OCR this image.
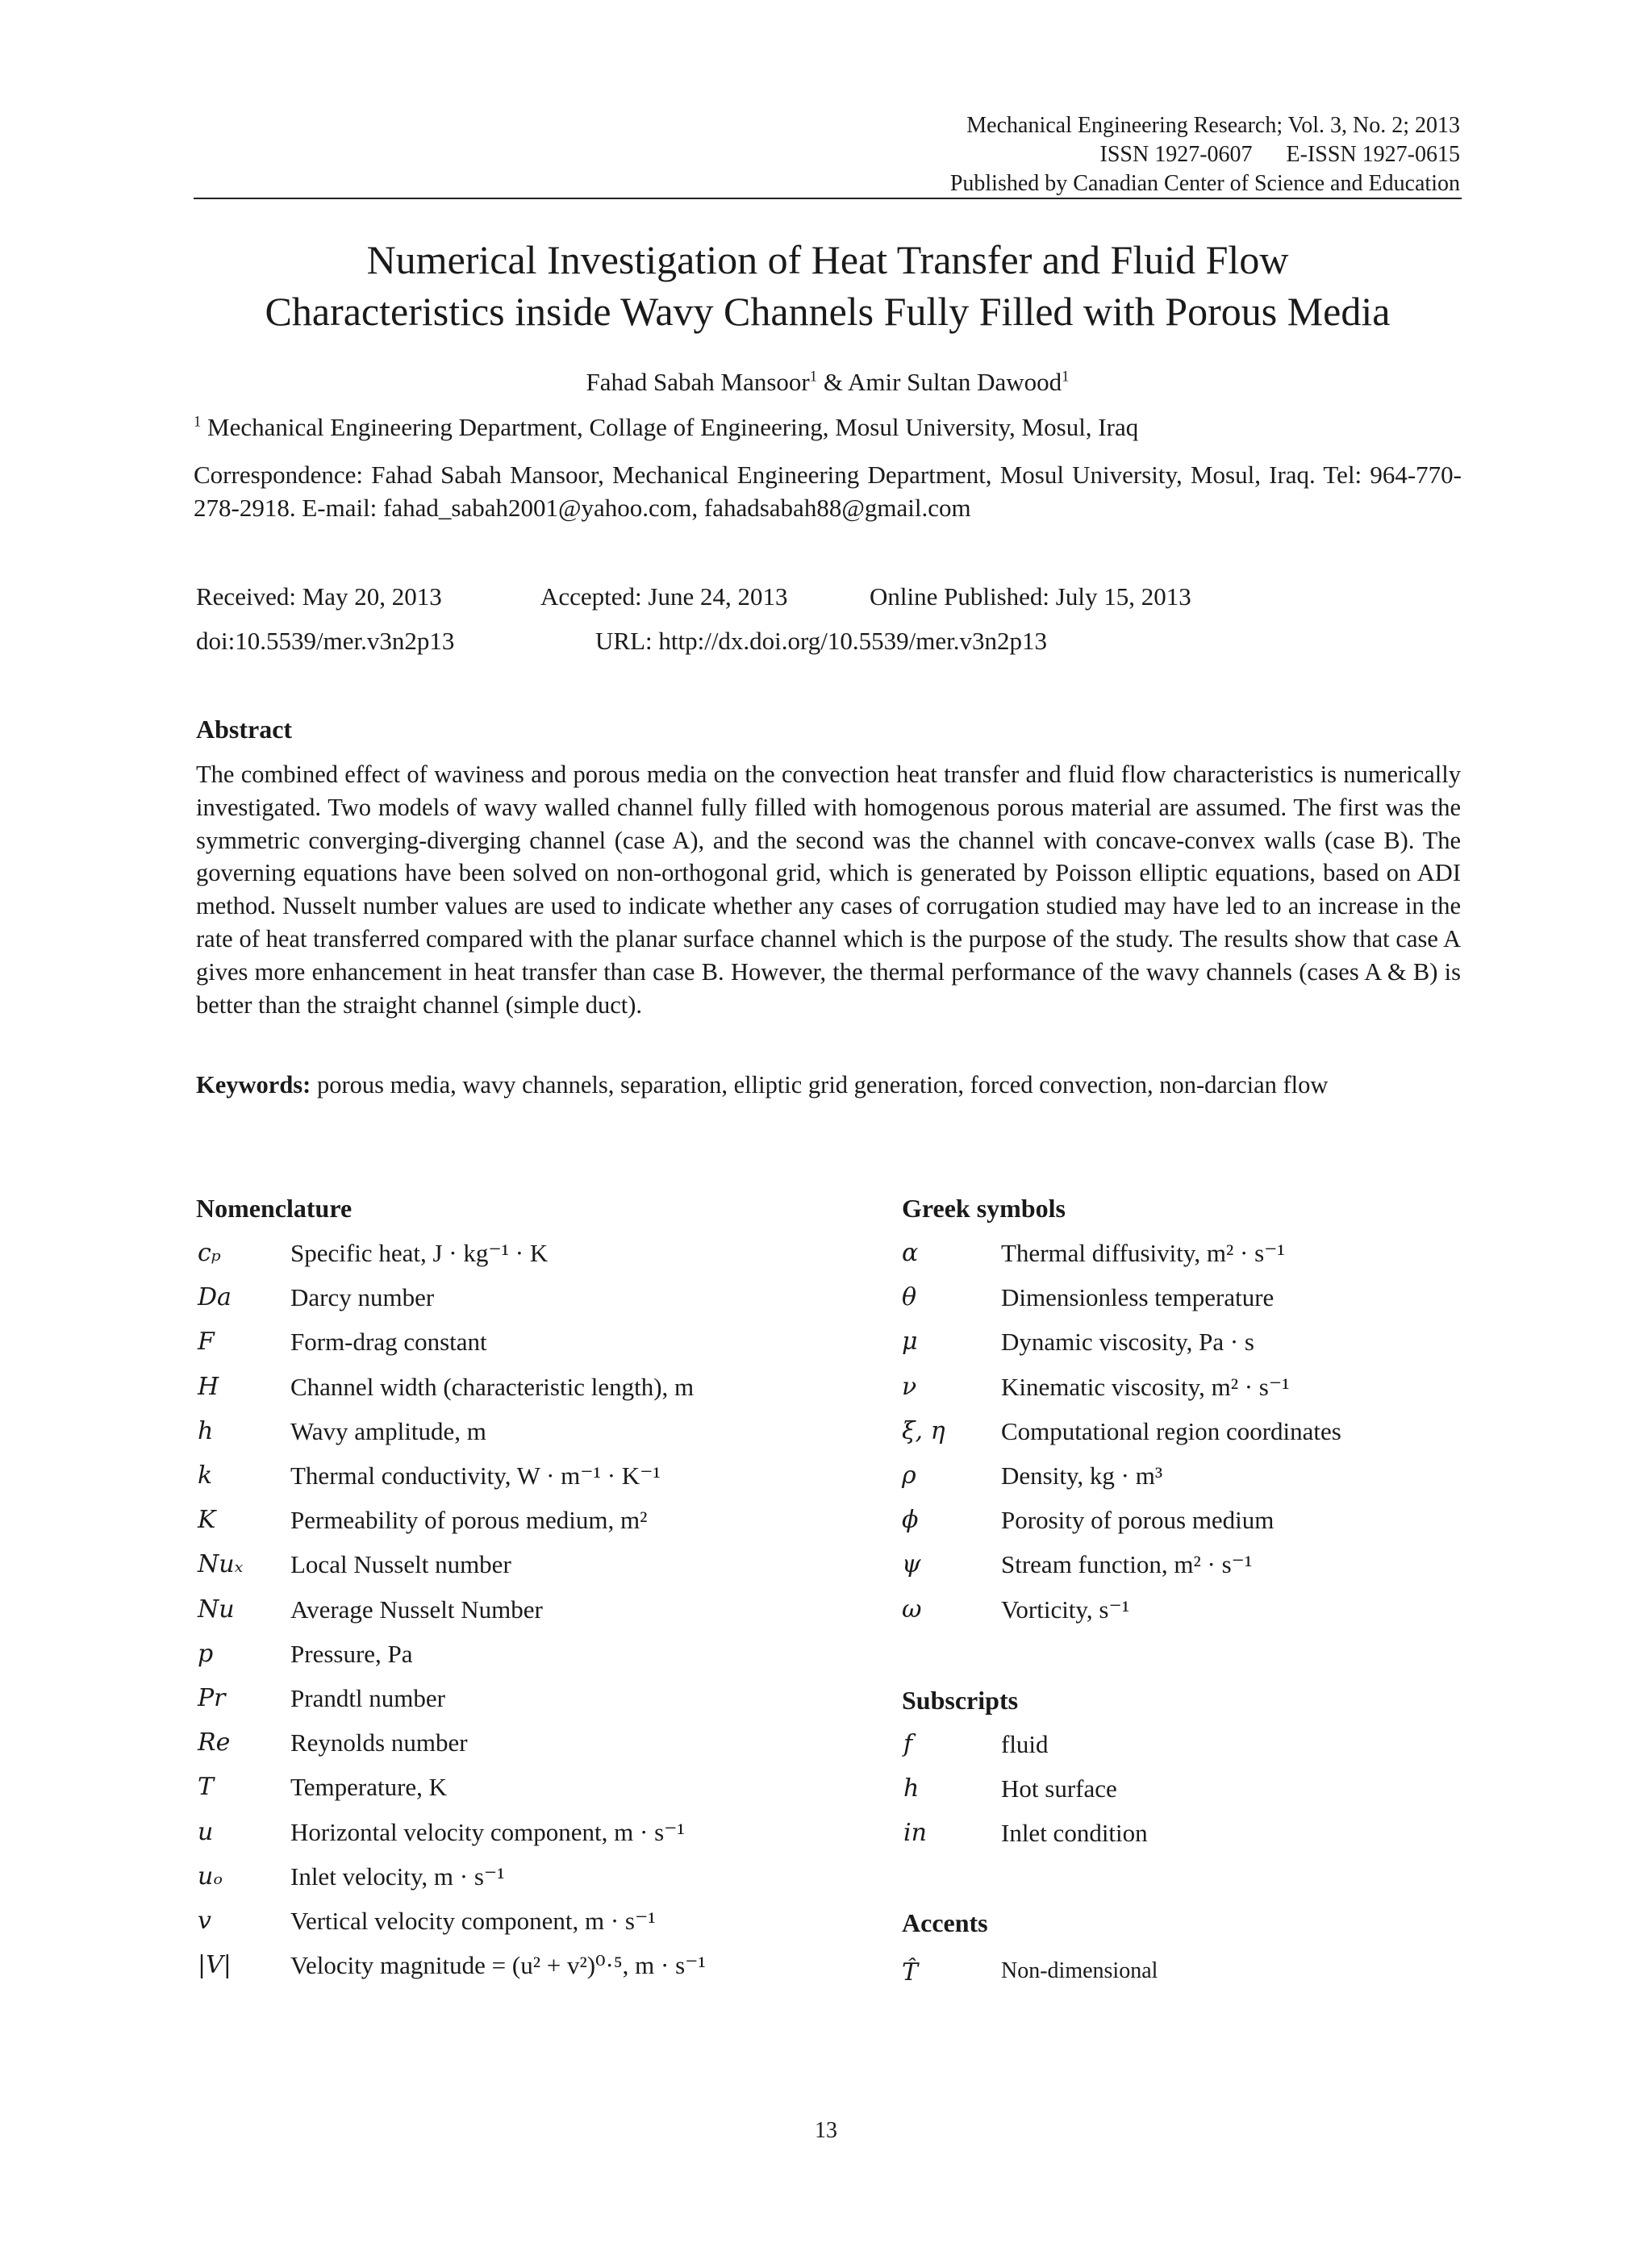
Mechanical Engineering Research; Vol. 3, No. 2; 2013
ISSN 1927-0607      E-ISSN 1927-0615
Published by Canadian Center of Science and Education
Numerical Investigation of Heat Transfer and Fluid Flow
Characteristics inside Wavy Channels Fully Filled with Porous Media
Fahad Sabah Mansoor$^1$ & Amir Sultan Dawood$^1$
$^1$ Mechanical Engineering Department, Collage of Engineering, Mosul University, Mosul, Iraq
Correspondence: Fahad Sabah Mansoor, Mechanical Engineering Department, Mosul University, Mosul, Iraq. Tel: 964-770-278-2918. E-mail: fahad_sabah2001@yahoo.com, fahadsabah88@gmail.com
Received: May 20, 2013	Accepted: June 24, 2013	Online Published: July 15, 2013
doi:10.5539/mer.v3n2p13	URL: http://dx.doi.org/10.5539/mer.v3n2p13
Abstract
The combined effect of waviness and porous media on the convection heat transfer and fluid flow characteristics is numerically investigated. Two models of wavy walled channel fully filled with homogenous porous material are assumed. The first was the symmetric converging-diverging channel (case A), and the second was the channel with concave-convex walls (case B). The governing equations have been solved on non-orthogonal grid, which is generated by Poisson elliptic equations, based on ADI method. Nusselt number values are used to indicate whether any cases of corrugation studied may have led to an increase in the rate of heat transferred compared with the planar surface channel which is the purpose of the study. The results show that case A gives more enhancement in heat transfer than case B. However, the thermal performance of the wavy channels (cases A & B) is better than the straight channel (simple duct).
Keywords: porous media, wavy channels, separation, elliptic grid generation, forced convection, non-darcian flow
Nomenclature
cₚ	Specific heat, J · kg⁻¹ · K
Da Darcy number
F	Form-drag constant
H	Channel width (characteristic length), m
h	Wavy amplitude, m
k	Thermal conductivity, W · m⁻¹ · K⁻¹
K	Permeability of porous medium, m²
Nuₓ Local Nusselt number
Nu Average Nusselt Number
p	Pressure, Pa
Pr	Prandtl number
Re Reynolds number
T	Temperature, K
u	Horizontal velocity component, m · s⁻¹
uₒ	Inlet velocity, m · s⁻¹
v	Vertical velocity component, m · s⁻¹
|V| Velocity magnitude = (u² + v²)⁰·⁵, m · s⁻¹
Greek symbols
α	Thermal diffusivity, m² · s⁻¹
θ	Dimensionless temperature
μ	Dynamic viscosity, Pa · s
ν	Kinematic viscosity, m² · s⁻¹
ξ, η Computational region coordinates
ρ	Density, kg · m³
ϕ	Porosity of porous medium
ψ	Stream function, m² · s⁻¹
ω	Vorticity, s⁻¹
Subscripts
f	fluid
h	Hot surface
in	Inlet condition
Accents
T̂	Non-dimensional
13
